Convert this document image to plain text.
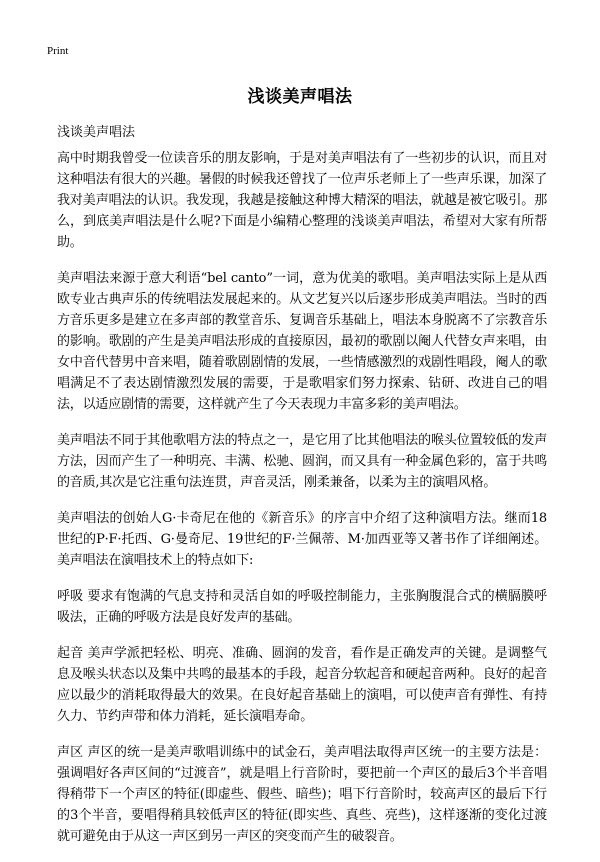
Print
浅谈美声唱法

浅谈美声唱法

高中时期我曾受一位读音乐的朋友影响，于是对美声唱法有了一些初步的认识，而且对这种唱法有很大的兴趣。暑假的时候我还曾找了一位声乐老师上了一些声乐课，加深了我对美声唱法的认识。我发现，我越是接触这种博大精深的唱法，就越是被它吸引。那么，到底美声唱法是什么呢?下面是小编精心整理的浅谈美声唱法，希望对大家有所帮助。

美声唱法来源于意大利语“bel canto”一词，意为优美的歌唱。美声唱法实际上是从西欧专业古典声乐的传统唱法发展起来的。从文艺复兴以后逐步形成美声唱法。当时的西方音乐更多是建立在多声部的教堂音乐、复调音乐基础上，唱法本身脱离不了宗教音乐的影响。歌剧的产生是美声唱法形成的直接原因，最初的歌剧以阉人代替女声来唱，由女中音代替男中音来唱，随着歌剧剧情的发展，一些情感激烈的戏剧性唱段，阉人的歌唱满足不了表达剧情激烈发展的需要，于是歌唱家们努力探索、钻研、改进自己的唱法，以适应剧情的需要，这样就产生了今天表现力丰富多彩的美声唱法。

美声唱法不同于其他歌唱方法的特点之一，是它用了比其他唱法的喉头位置较低的发声方法，因而产生了一种明亮、丰满、松驰、圆润，而又具有一种金属色彩的，富于共鸣的音质,其次是它注重句法连贯，声音灵活，刚柔兼备，以柔为主的演唱风格。

美声唱法的创始人G·卡奇尼在他的《新音乐》的序言中介绍了这种演唱方法。继而18世纪的P·F·托西、G·曼奇尼、19世纪的F·兰佩蒂、M·加西亚等又著书作了详细阐述。美声唱法在演唱技术上的特点如下:

呼吸 要求有饱满的气息支持和灵活自如的呼吸控制能力，主张胸腹混合式的横膈膜呼吸法，正确的呼吸方法是良好发声的基础。

起音 美声学派把轻松、明亮、准确、圆润的发音，看作是正确发声的关键。是调整气息及喉头状态以及集中共鸣的最基本的手段，起音分软起音和硬起音两种。良好的起音应以最少的消耗取得最大的效果。在良好起音基础上的演唱，可以使声音有弹性、有持久力、节约声带和体力消耗，延长演唱寿命。

声区 声区的统一是美声歌唱训练中的试金石，美声唱法取得声区统一的主要方法是：强调唱好各声区间的“过渡音”，就是唱上行音阶时，要把前一个声区的最后3个半音唱得稍带下一个声区的特征(即虚些、假些、暗些)；唱下行音阶时，较高声区的最后下行的3个半音，要唱得稍具较低声区的特征(即实些、真些、亮些)，这样逐渐的变化过渡就可避免由于从这一声区到另一声区的突变而产生的破裂音。
